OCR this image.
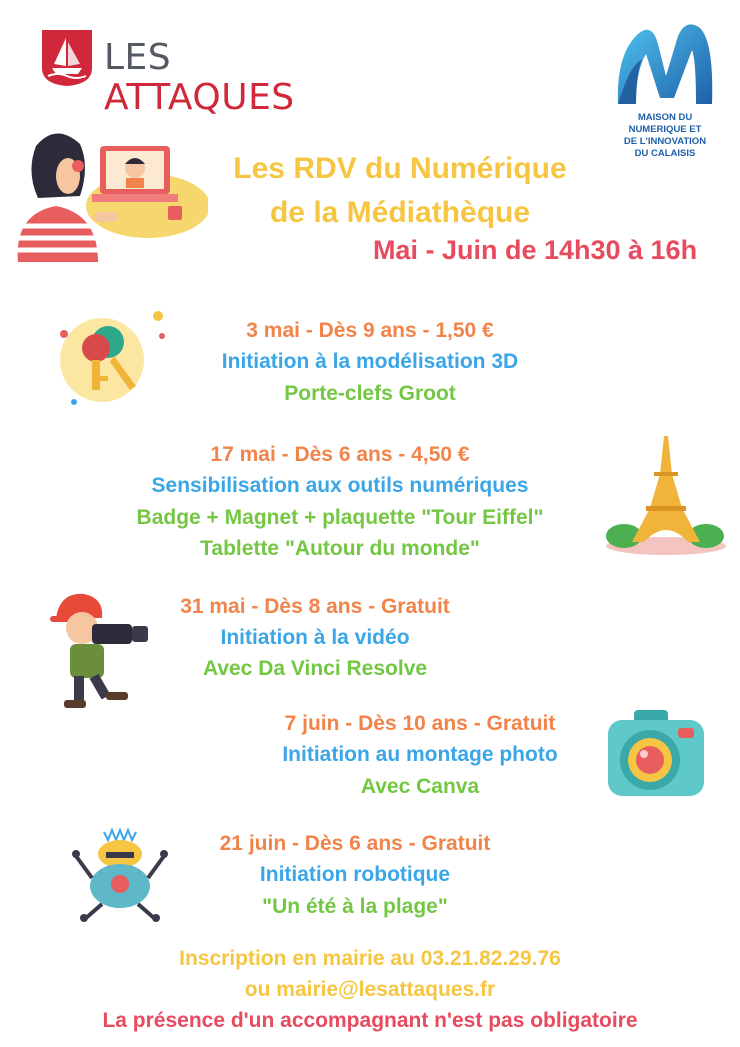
LES ATTAQUES	MAISON DU
NUMERIQUE ET
DE L'INNOVATION
DU CALAISIS
Les RDV du Numérique
de la Médiathèque
Mai - Juin de 14h30 à 16h
3 mai - Dès 9 ans - 1,50 €
Initiation à la modélisation 3D
Porte-clefs Groot
17 mai - Dès 6 ans - 4,50 €
Sensibilisation aux outils numériques
Badge + Magnet + plaquette "Tour Eiffel"
Tablette "Autour du monde"
31 mai - Dès 8 ans - Gratuit
Initiation à la vidéo
Avec Da Vinci Resolve
7 juin - Dès 10 ans - Gratuit
Initiation au montage photo
Avec Canva
21 juin - Dès 6 ans - Gratuit
Initiation robotique
"Un été à la plage"
Inscription en mairie au 03.21.82.29.76
ou mairie@lesattaques.fr
La présence d'un accompagnant n'est pas obligatoire
